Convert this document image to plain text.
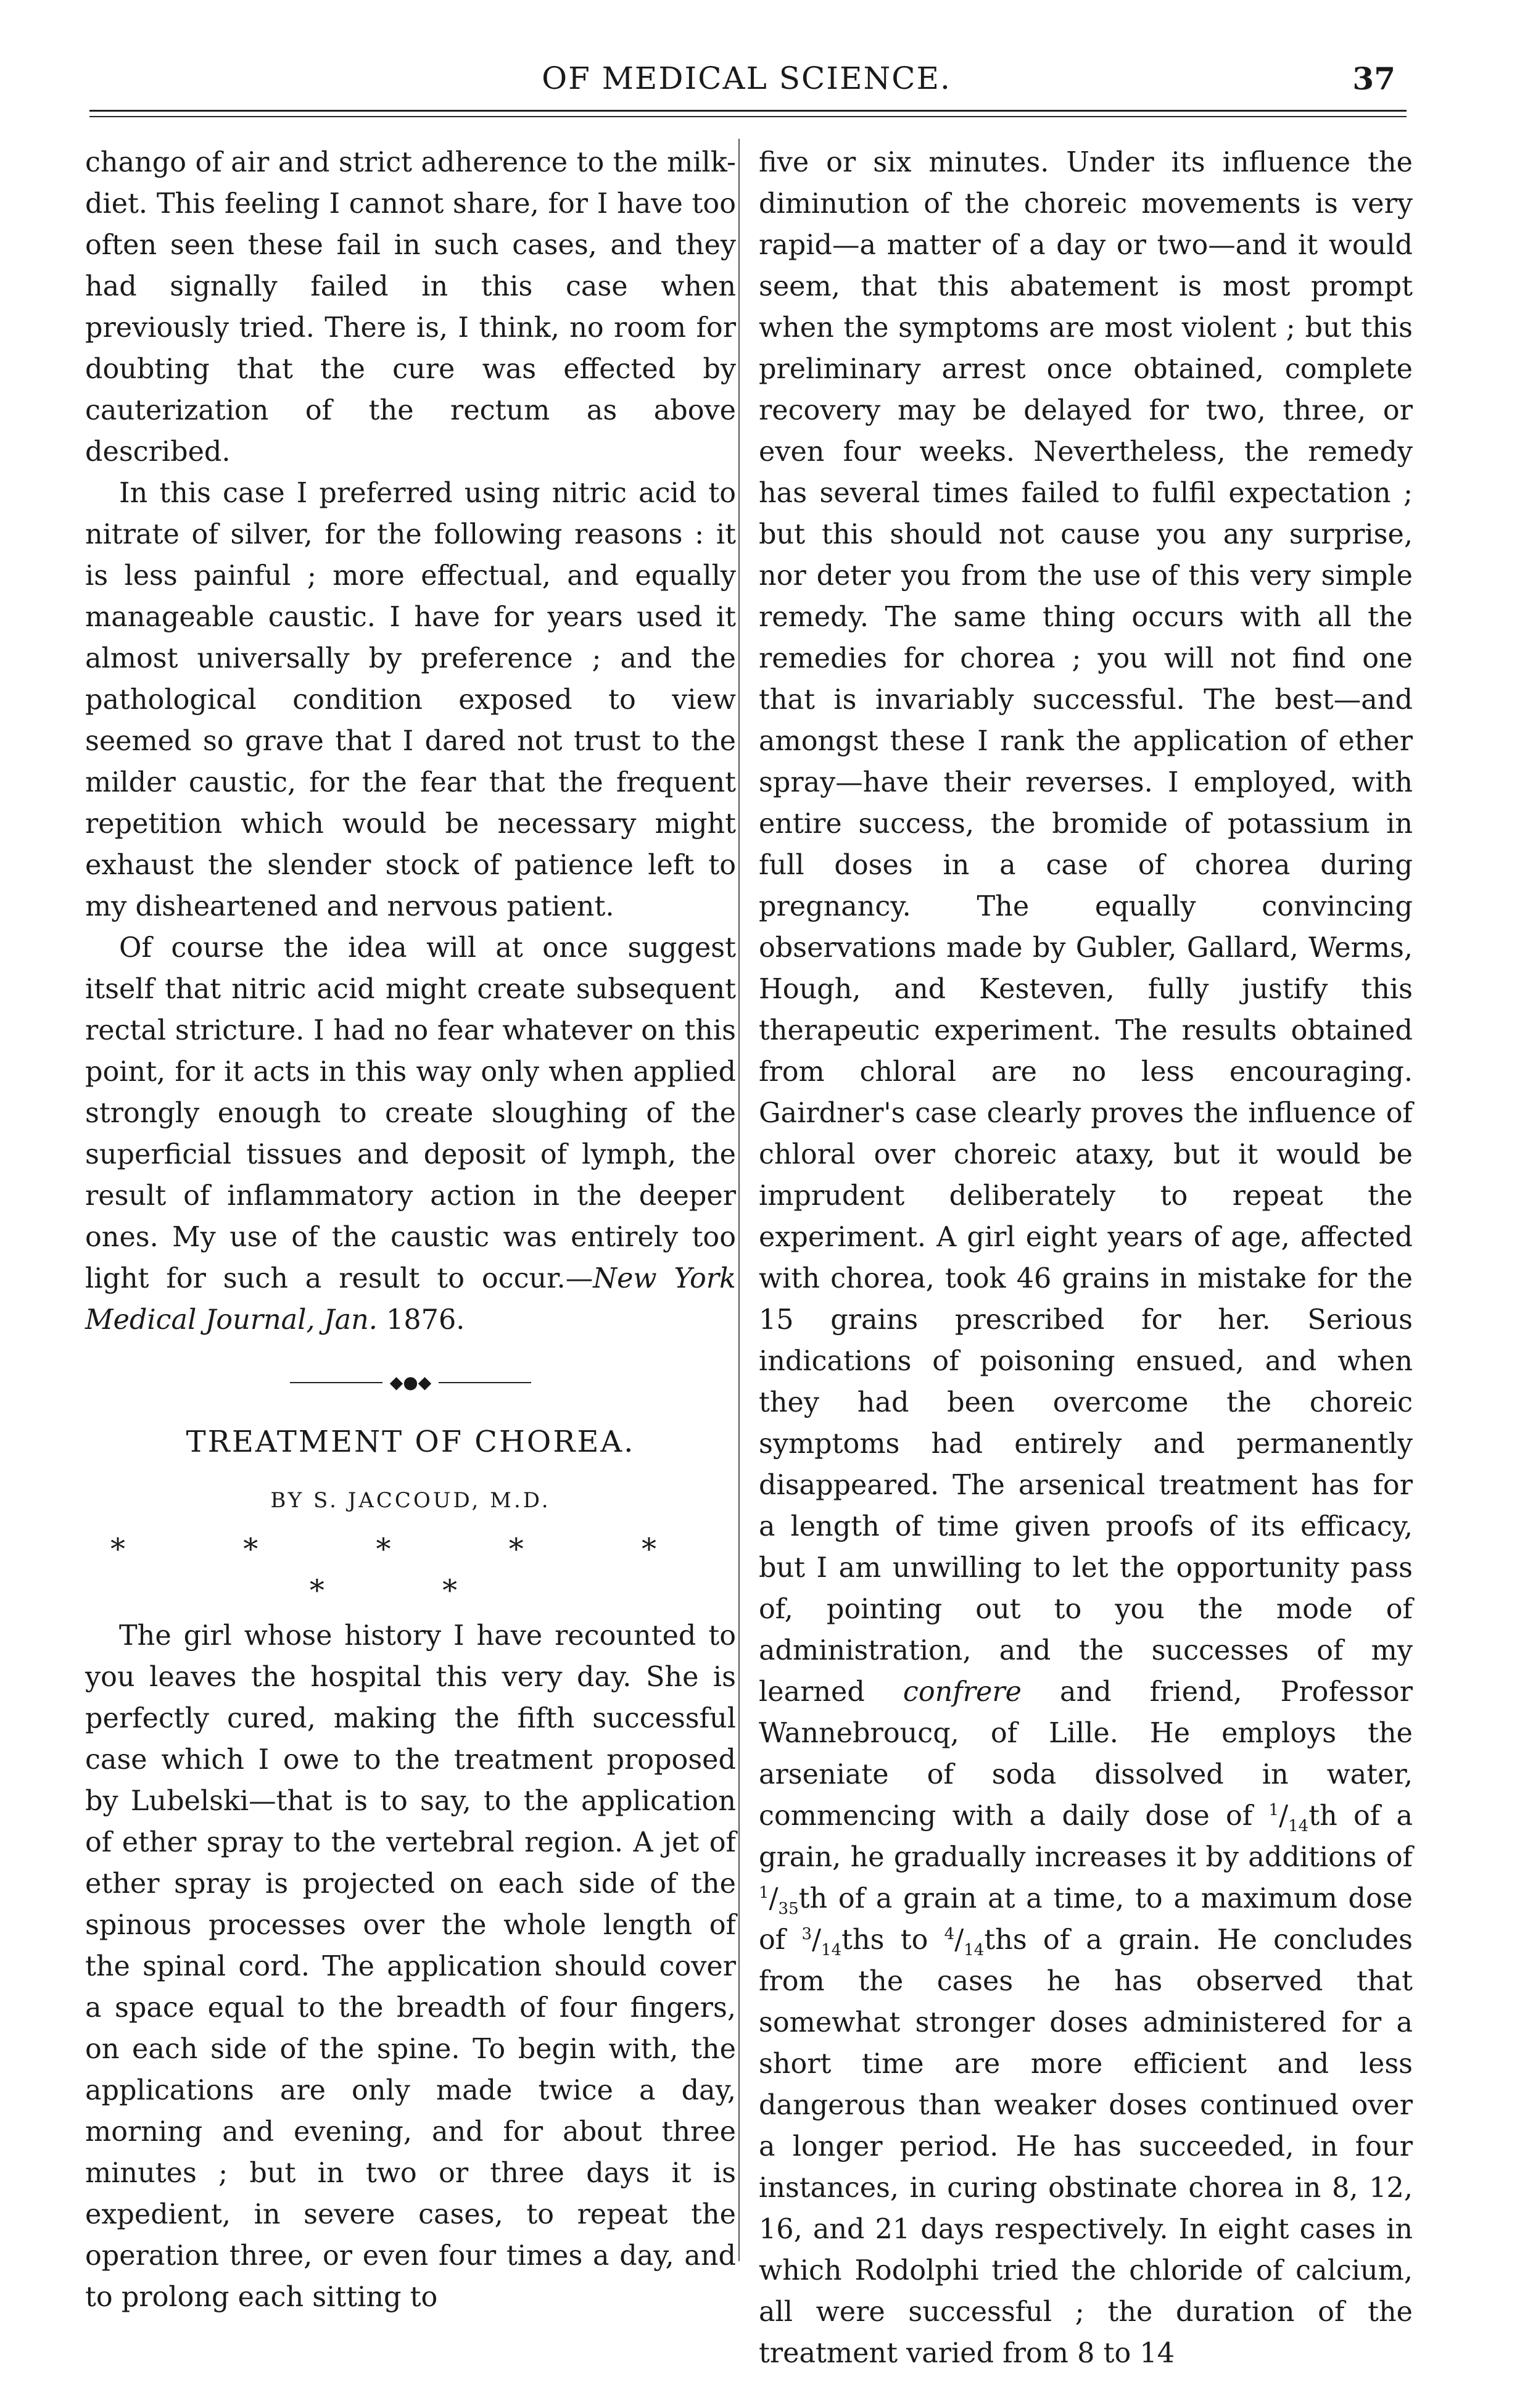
OF MEDICAL SCIENCE.	37

chango of air and strict adherence to the milk-diet. This feeling I cannot share, for I have too often seen these fail in such cases, and they had signally failed in this case when previously tried. There is, I think, no room for doubting that the cure was effected by cauterization of the rectum as above described.

In this case I preferred using nitric acid to nitrate of silver, for the following reasons : it is less painful ; more effectual, and equally manageable caustic. I have for years used it almost universally by preference ; and the pathological condition exposed to view seemed so grave that I dared not trust to the milder caustic, for the fear that the frequent repetition which would be necessary might exhaust the slender stock of patience left to my disheartened and nervous patient.

Of course the idea will at once suggest itself that nitric acid might create subsequent rectal stricture. I had no fear whatever on this point, for it acts in this way only when applied strongly enough to create sloughing of the superficial tissues and deposit of lymph, the result of inflammatory action in the deeper ones. My use of the caustic was entirely too light for such a result to occur.—New York Medical Journal, Jan. 1876.

◆●◆
TREATMENT OF CHOREA.
BY S. JACCOUD, M.D.
* * * * * * *

The girl whose history I have recounted to you leaves the hospital this very day. She is perfectly cured, making the fifth successful case which I owe to the treatment proposed by Lubelski—that is to say, to the application of ether spray to the vertebral region. A jet of ether spray is projected on each side of the spinous processes over the whole length of the spinal cord. The application should cover a space equal to the breadth of four fingers, on each side of the spine. To begin with, the applications are only made twice a day, morning and evening, and for about three minutes ; but in two or three days it is expedient, in severe cases, to repeat the operation three, or even four times a day, and to prolong each sitting to

five or six minutes. Under its influence the diminution of the choreic movements is very rapid—a matter of a day or two—and it would seem, that this abatement is most prompt when the symptoms are most violent ; but this preliminary arrest once obtained, complete recovery may be delayed for two, three, or even four weeks. Nevertheless, the remedy has several times failed to fulfil expectation ; but this should not cause you any surprise, nor deter you from the use of this very simple remedy. The same thing occurs with all the remedies for chorea ; you will not find one that is invariably successful. The best—and amongst these I rank the application of ether spray—have their reverses. I employed, with entire success, the bromide of potassium in full doses in a case of chorea during pregnancy. The equally convincing observations made by Gubler, Gallard, Werms, Hough, and Kesteven, fully justify this therapeutic experiment. The results obtained from chloral are no less encouraging. Gairdner's case clearly proves the influence of chloral over choreic ataxy, but it would be imprudent deliberately to repeat the experiment. A girl eight years of age, affected with chorea, took 46 grains in mistake for the 15 grains prescribed for her. Serious indications of poisoning ensued, and when they had been overcome the choreic symptoms had entirely and permanently disappeared. The arsenical treatment has for a length of time given proofs of its efficacy, but I am unwilling to let the opportunity pass of, pointing out to you the mode of administration, and the successes of my learned confrere and friend, Professor Wannebroucq, of Lille. He employs the arseniate of soda dissolved in water, commencing with a daily dose of $^1/_{14}th$ of a grain, he gradually increases it by additions of $^1/_{35}th$ of a grain at a time, to a maximum dose of $^3/_{14}ths$ to $^4/_{14}ths$ of a grain. He concludes from the cases he has observed that somewhat stronger doses administered for a short time are more efficient and less dangerous than weaker doses continued over a longer period. He has succeeded, in four instances, in curing obstinate chorea in 8, 12, 16, and 21 days respectively. In eight cases in which Rodolphi tried the chloride of calcium, all were successful ; the duration of the treatment varied from 8 to 14
